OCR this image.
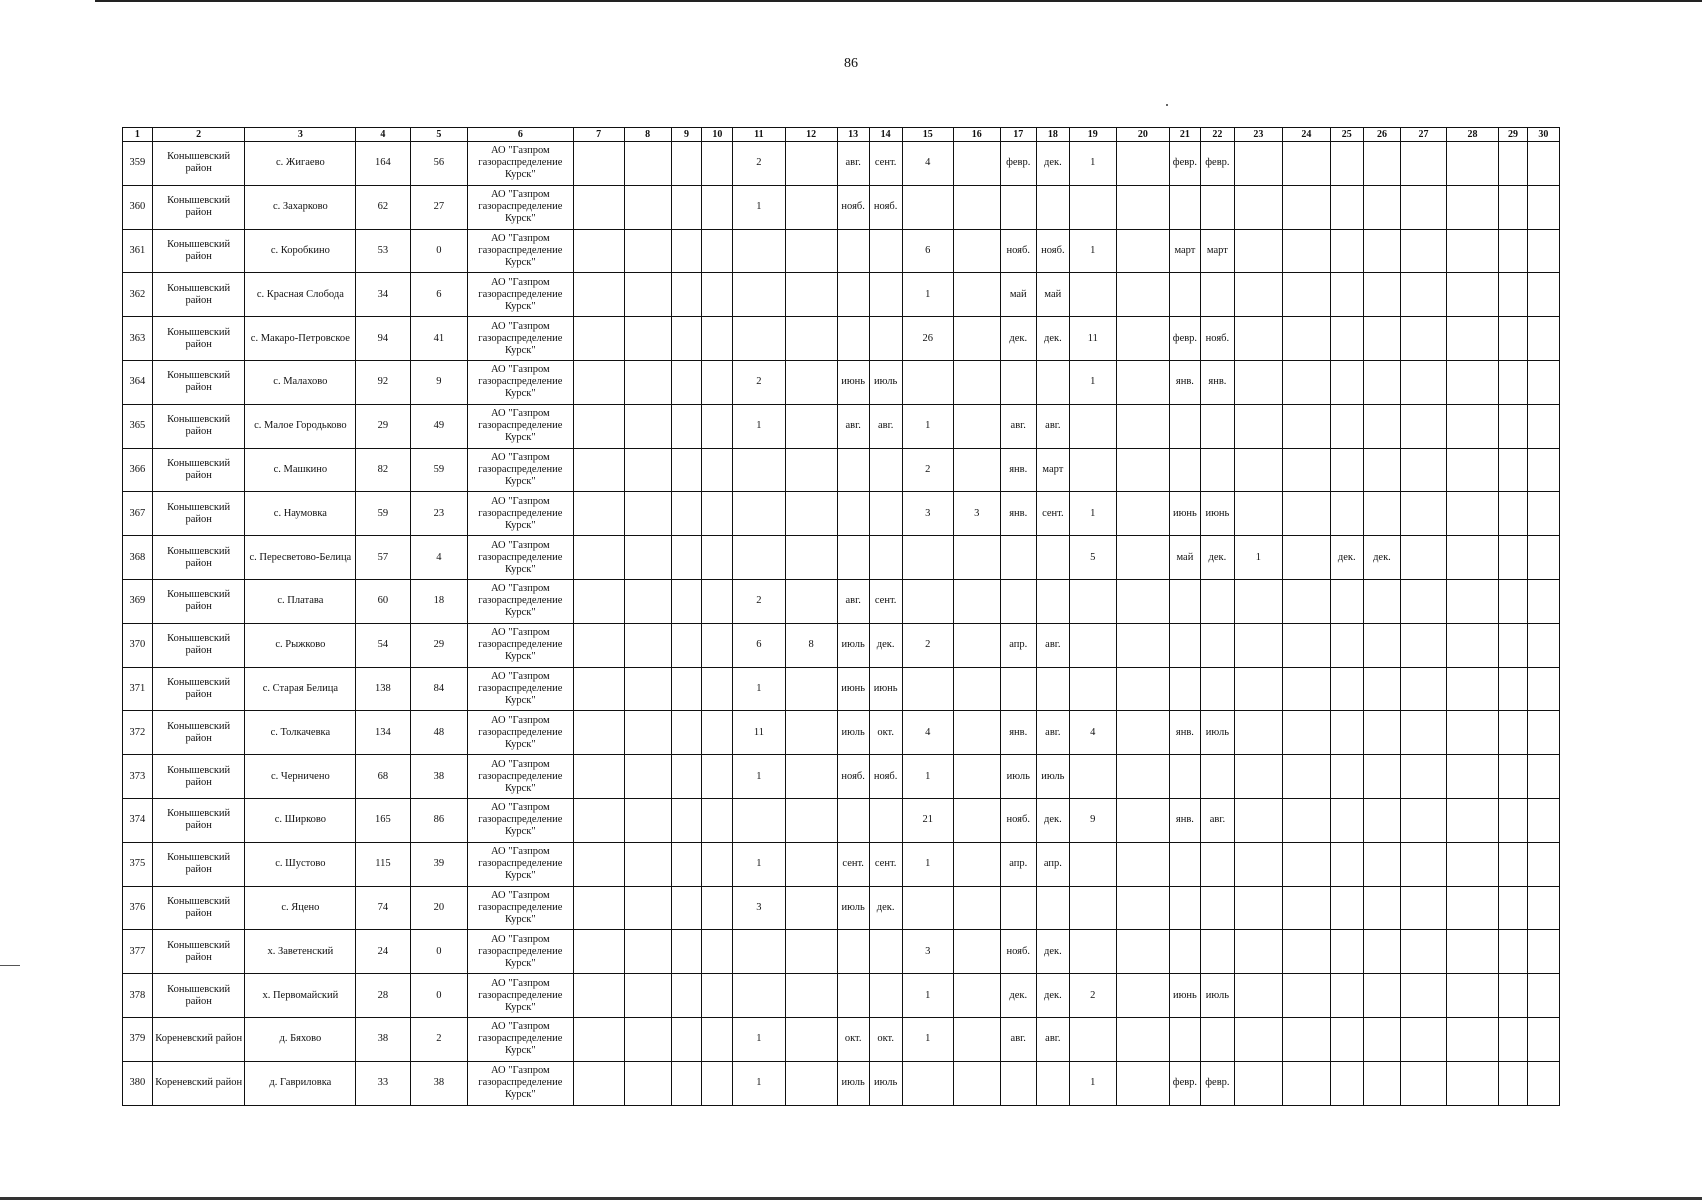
86
1	2	3	4	5	6	7	8	9	10	11	12	13	14	15	16	17	18	19	20	21	22	23	24	25	26	27	28	29	30
359	Конышевский район	с. Жигаево	164	56	АО "Газпром газораспределение Курск"					2		авг.	сент.	4		февр.	дек.	1		февр.	февр.								
360	Конышевский район	с. Захарково	62	27	АО "Газпром газораспределение Курск"					1		нояб.	нояб.																
361	Конышевский район	с. Коробкино	53	0	АО "Газпром газораспределение Курск"									6		нояб.	нояб.	1		март	март								
362	Конышевский район	с. Красная Слобода	34	6	АО "Газпром газораспределение Курск"									1		май	май												
363	Конышевский район	с. Макаро-Петровское	94	41	АО "Газпром газораспределение Курск"									26		дек.	дек.	11		февр.	нояб.								
364	Конышевский район	с. Малахово	92	9	АО "Газпром газораспределение Курск"					2		июнь	июль					1		янв.	янв.								
365	Конышевский район	с. Малое Городьково	29	49	АО "Газпром газораспределение Курск"					1		авг.	авг.	1		авг.	авг.												
366	Конышевский район	с. Машкино	82	59	АО "Газпром газораспределение Курск"									2		янв.	март												
367	Конышевский район	с. Наумовка	59	23	АО "Газпром газораспределение Курск"									3	3	янв.	сент.	1		июнь	июнь								
368	Конышевский район	с. Пересветово-Белица	57	4	АО "Газпром газораспределение Курск"													5		май	дек.	1		дек.	дек.				
369	Конышевский район	с. Платава	60	18	АО "Газпром газораспределение Курск"					2		авг.	сент.																
370	Конышевский район	с. Рыжково	54	29	АО "Газпром газораспределение Курск"					6	8	июль	дек.	2		апр.	авг.												
371	Конышевский район	с. Старая Белица	138	84	АО "Газпром газораспределение Курск"					1		июнь	июнь																
372	Конышевский район	с. Толкачевка	134	48	АО "Газпром газораспределение Курск"					11		июль	окт.	4		янв.	авг.	4		янв.	июль								
373	Конышевский район	с. Черничено	68	38	АО "Газпром газораспределение Курск"					1		нояб.	нояб.	1		июль	июль												
374	Конышевский район	с. Ширково	165	86	АО "Газпром газораспределение Курск"									21		нояб.	дек.	9		янв.	авг.								
375	Конышевский район	с. Шустово	115	39	АО "Газпром газораспределение Курск"					1		сент.	сент.	1		апр.	апр.												
376	Конышевский район	с. Яцено	74	20	АО "Газпром газораспределение Курск"					3		июль	дек.																
377	Конышевский район	х. Заветенский	24	0	АО "Газпром газораспределение Курск"									3		нояб.	дек.												
378	Конышевский район	х. Первомайский	28	0	АО "Газпром газораспределение Курск"									1		дек.	дек.	2		июнь	июль								
379	Кореневский район	д. Бяхово	38	2	АО "Газпром газораспределение Курск"					1		окт.	окт.	1		авг.	авг.												
380	Кореневский район	д. Гавриловка	33	38	АО "Газпром газораспределение Курск"					1		июль	июль					1		февр.	февр.								
